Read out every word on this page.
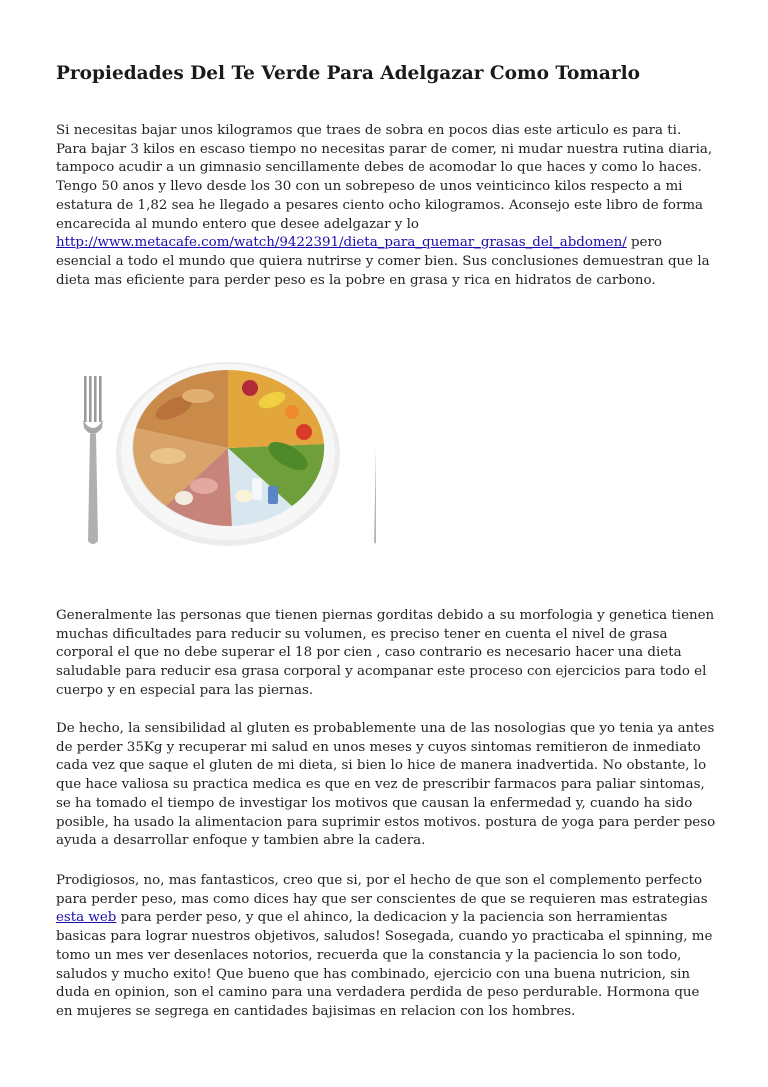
Propiedades Del Te Verde Para Adelgazar Como Tomarlo

Si necesitas bajar unos kilogramos que traes de sobra en pocos dias este articulo es para ti. Para bajar 3 kilos en escaso tiempo no necesitas parar de comer, ni mudar nuestra rutina diaria, tampoco acudir a un gimnasio sencillamente debes de acomodar lo que haces y como lo haces. Tengo 50 anos y llevo desde los 30 con un sobrepeso de unos veinticinco kilos respecto a mi estatura de 1,82 sea he llegado a pesares ciento ocho kilogramos. Aconsejo este libro de forma encarecida al mundo entero que desee adelgazar y lo http://www.metacafe.com/watch/9422391/dieta_para_quemar_grasas_del_abdomen/ pero esencial a todo el mundo que quiera nutrirse y comer bien. Sus conclusiones demuestran que la dieta mas eficiente para perder peso es la pobre en grasa y rica en hidratos de carbono.

Generalmente las personas que tienen piernas gorditas debido a su morfologia y genetica tienen muchas dificultades para reducir su volumen, es preciso tener en cuenta el nivel de grasa corporal el que no debe superar el 18 por cien , caso contrario es necesario hacer una dieta saludable para reducir esa grasa corporal y acompanar este proceso con ejercicios para todo el cuerpo y en especial para las piernas.

De hecho, la sensibilidad al gluten es probablemente una de las nosologias que yo tenia ya antes de perder 35Kg y recuperar mi salud en unos meses y cuyos sintomas remitieron de inmediato cada vez que saque el gluten de mi dieta, si bien lo hice de manera inadvertida. No obstante, lo que hace valiosa su practica medica es que en vez de prescribir farmacos para paliar sintomas, se ha tomado el tiempo de investigar los motivos que causan la enfermedad y, cuando ha sido posible, ha usado la alimentacion para suprimir estos motivos. postura de yoga para perder peso ayuda a desarrollar enfoque y tambien abre la cadera.

Prodigiosos, no, mas fantasticos, creo que si, por el hecho de que son el complemento perfecto para perder peso, mas como dices hay que ser conscientes de que se requieren mas estrategias esta web para perder peso, y que el ahinco, la dedicacion y la paciencia son herramientas basicas para lograr nuestros objetivos, saludos! Sosegada, cuando yo practicaba el spinning, me tomo un mes ver desenlaces notorios, recuerda que la constancia y la paciencia lo son todo, saludos y mucho exito! Que bueno que has combinado, ejercicio con una buena nutricion, sin duda en opinion, son el camino para una verdadera perdida de peso perdurable. Hormona que en mujeres se segrega en cantidades bajisimas en relacion con los hombres.
